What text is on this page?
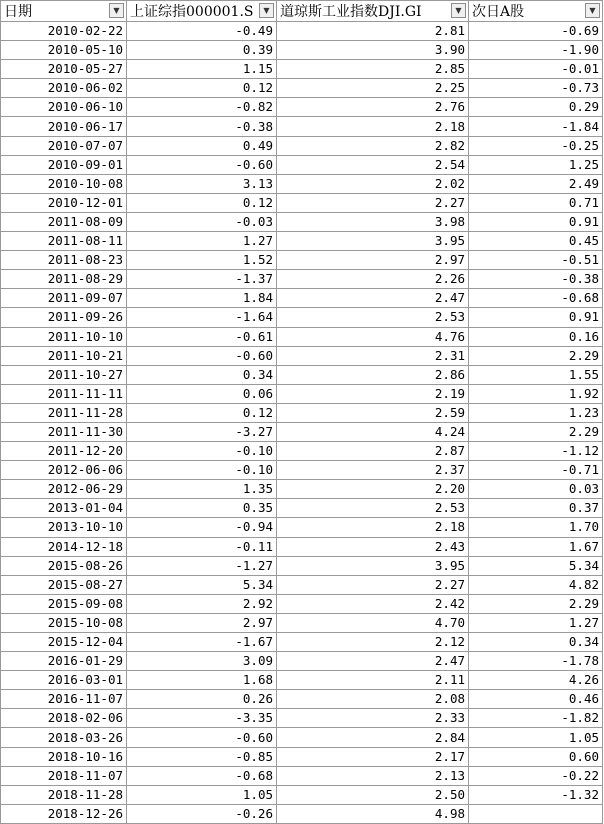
日期 ▼	上证综指000001.S ▼	道琼斯工业指数DJI.GI ▼	次日A股 ▼

2010-02-22	-0.49	2.81	-0.69
2010-05-10	0.39	3.90	-1.90
2010-05-27	1.15	2.85	-0.01
2010-06-02	0.12	2.25	-0.73
2010-06-10	-0.82	2.76	0.29
2010-06-17	-0.38	2.18	-1.84
2010-07-07	0.49	2.82	-0.25
2010-09-01	-0.60	2.54	1.25
2010-10-08	3.13	2.02	2.49
2010-12-01	0.12	2.27	0.71
2011-08-09	-0.03	3.98	0.91
2011-08-11	1.27	3.95	0.45
2011-08-23	1.52	2.97	-0.51
2011-08-29	-1.37	2.26	-0.38
2011-09-07	1.84	2.47	-0.68
2011-09-26	-1.64	2.53	0.91
2011-10-10	-0.61	4.76	0.16
2011-10-21	-0.60	2.31	2.29
2011-10-27	0.34	2.86	1.55
2011-11-11	0.06	2.19	1.92
2011-11-28	0.12	2.59	1.23
2011-11-30	-3.27	4.24	2.29
2011-12-20	-0.10	2.87	-1.12
2012-06-06	-0.10	2.37	-0.71
2012-06-29	1.35	2.20	0.03
2013-01-04	0.35	2.53	0.37
2013-10-10	-0.94	2.18	1.70
2014-12-18	-0.11	2.43	1.67
2015-08-26	-1.27	3.95	5.34
2015-08-27	5.34	2.27	4.82
2015-09-08	2.92	2.42	2.29
2015-10-08	2.97	4.70	1.27
2015-12-04	-1.67	2.12	0.34
2016-01-29	3.09	2.47	-1.78
2016-03-01	1.68	2.11	4.26
2016-11-07	0.26	2.08	0.46
2018-02-06	-3.35	2.33	-1.82
2018-03-26	-0.60	2.84	1.05
2018-10-16	-0.85	2.17	0.60
2018-11-07	-0.68	2.13	-0.22
2018-11-28	1.05	2.50	-1.32
2018-12-26	-0.26	4.98	
